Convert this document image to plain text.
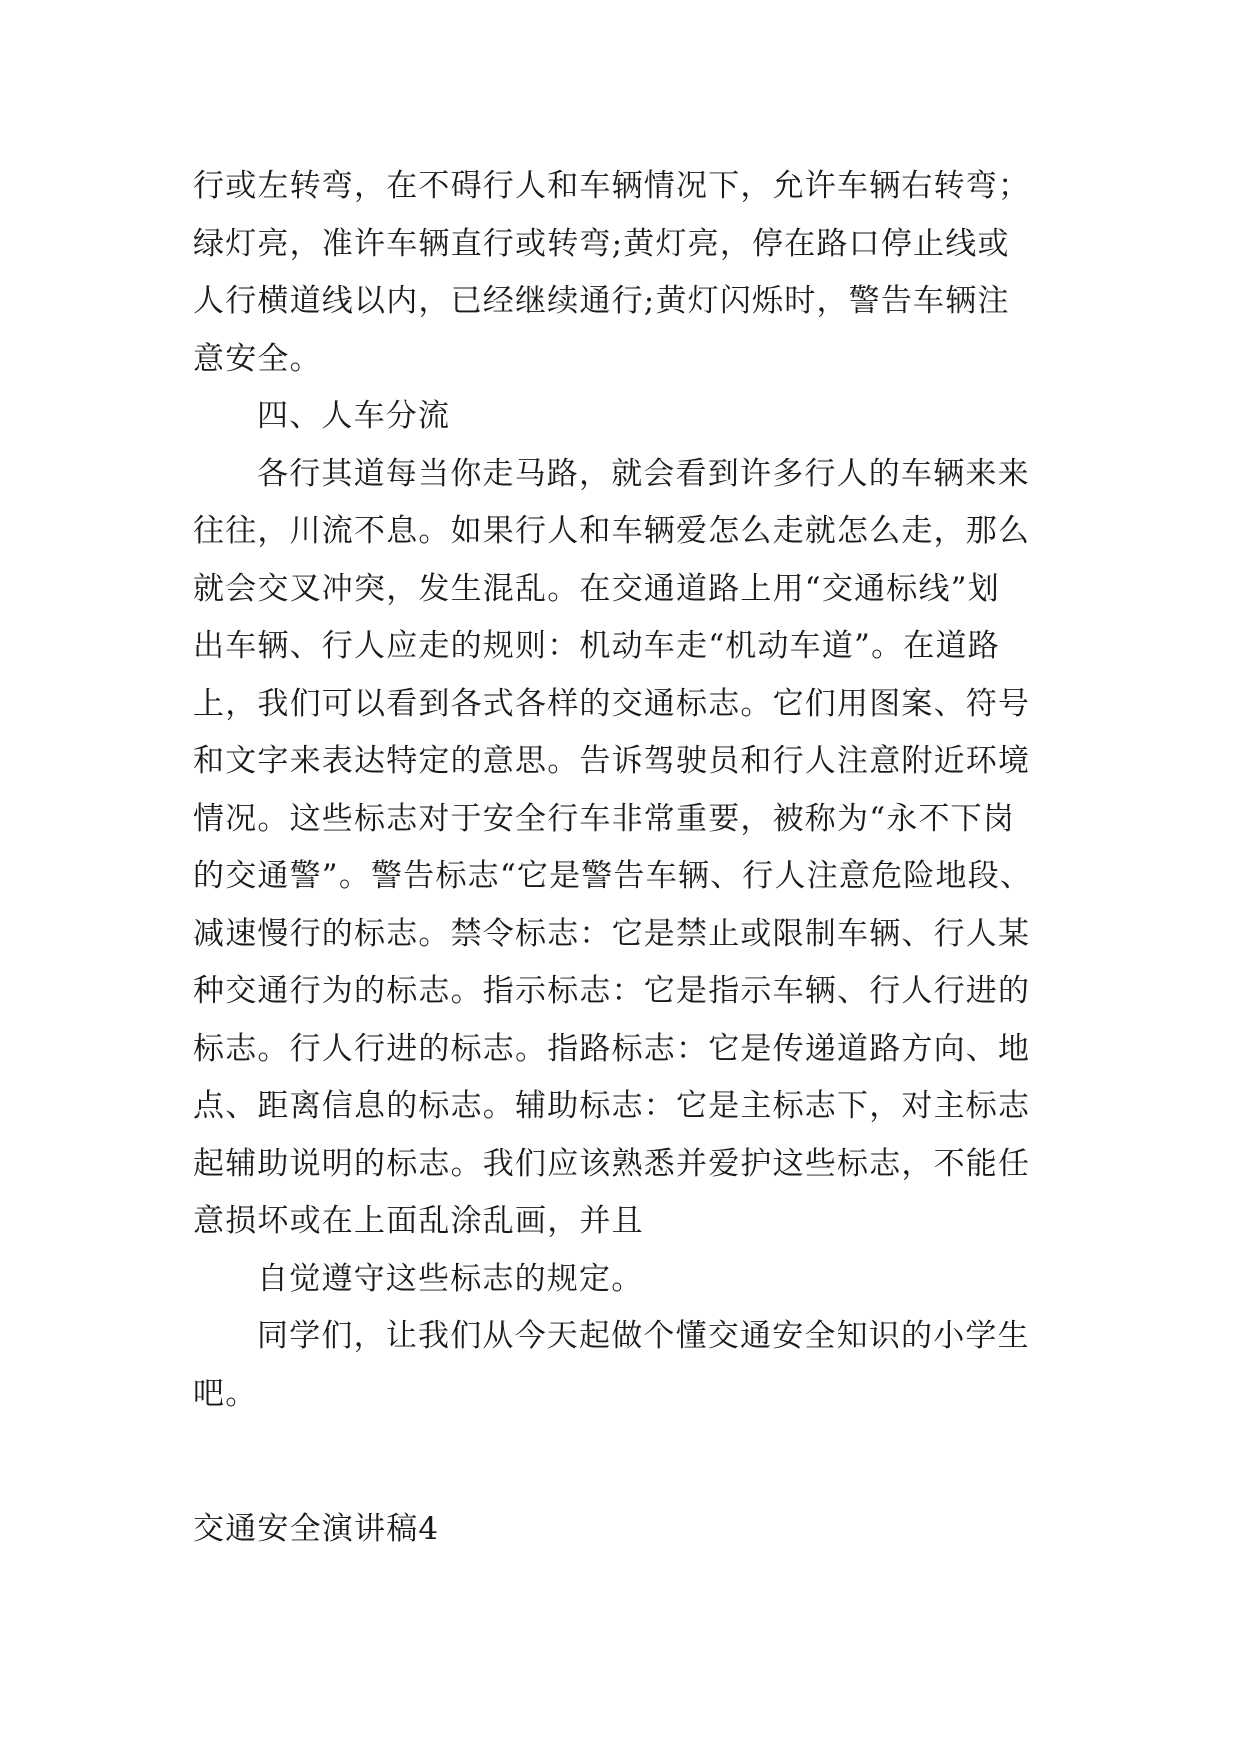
行或左转弯，在不碍行人和车辆情况下，允许车辆右转弯；
绿灯亮，准许车辆直行或转弯;黄灯亮，停在路口停止线或
人行横道线以内，已经继续通行;黄灯闪烁时，警告车辆注
意安全。
四、人车分流
各行其道每当你走马路，就会看到许多行人的车辆来来
往往，川流不息。如果行人和车辆爱怎么走就怎么走，那么
就会交叉冲突，发生混乱。在交通道路上用“交通标线”划
出车辆、行人应走的规则：机动车走“机动车道”。在道路
上，我们可以看到各式各样的交通标志。它们用图案、符号
和文字来表达特定的意思。告诉驾驶员和行人注意附近环境
情况。这些标志对于安全行车非常重要，被称为“永不下岗
的交通警”。警告标志“它是警告车辆、行人注意危险地段、
减速慢行的标志。禁令标志：它是禁止或限制车辆、行人某
种交通行为的标志。指示标志：它是指示车辆、行人行进的
标志。行人行进的标志。指路标志：它是传递道路方向、地
点、距离信息的标志。辅助标志：它是主标志下，对主标志
起辅助说明的标志。我们应该熟悉并爱护这些标志，不能任
意损坏或在上面乱涂乱画，并且
自觉遵守这些标志的规定。
同学们，让我们从今天起做个懂交通安全知识的小学生
吧。
交通安全演讲稿4
